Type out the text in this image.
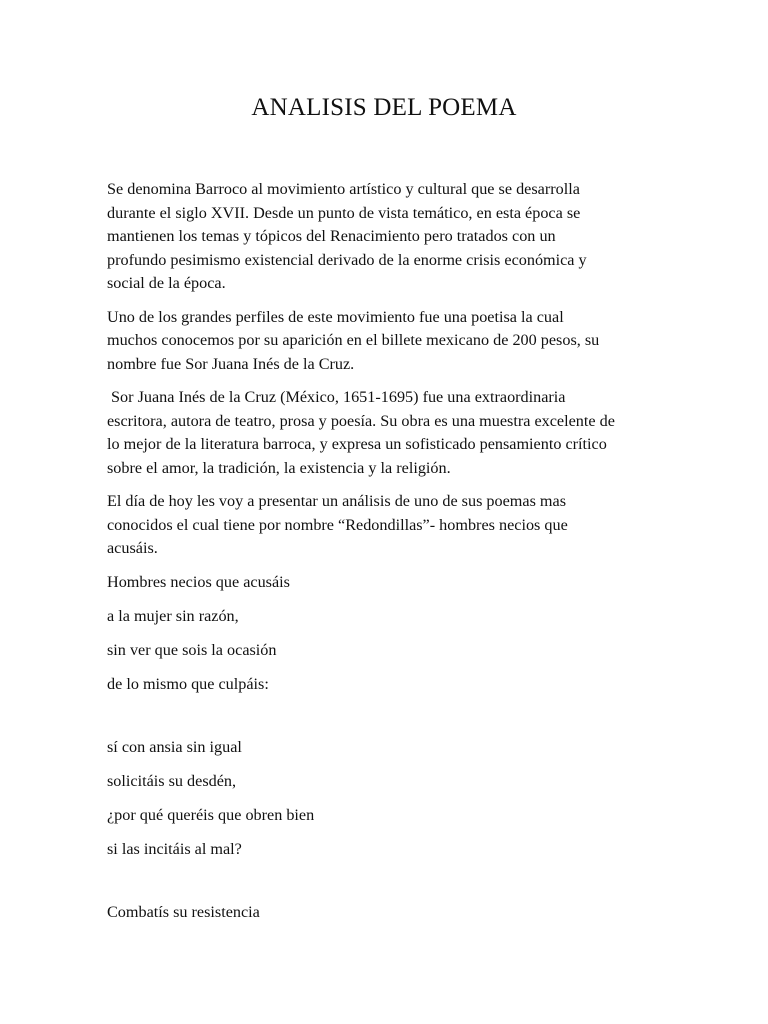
ANALISIS DEL POEMA

Se denomina Barroco al movimiento artístico y cultural que se desarrolla
durante el siglo XVII. Desde un punto de vista temático, en esta época se
mantienen los temas y tópicos del Renacimiento pero tratados con un
profundo pesimismo existencial derivado de la enorme crisis económica y
social de la época.

Uno de los grandes perfiles de este movimiento fue una poetisa la cual
muchos conocemos por su aparición en el billete mexicano de 200 pesos, su
nombre fue Sor Juana Inés de la Cruz.

Sor Juana Inés de la Cruz (México, 1651-1695) fue una extraordinaria
escritora, autora de teatro, prosa y poesía. Su obra es una muestra excelente de
lo mejor de la literatura barroca, y expresa un sofisticado pensamiento crítico
sobre el amor, la tradición, la existencia y la religión.

El día de hoy les voy a presentar un análisis de uno de sus poemas mas
conocidos el cual tiene por nombre “Redondillas”- hombres necios que
acusáis.

Hombres necios que acusáis

a la mujer sin razón,

sin ver que sois la ocasión

de lo mismo que culpáis:

sí con ansia sin igual

solicitáis su desdén,

¿por qué queréis que obren bien

si las incitáis al mal?

Combatís su resistencia
